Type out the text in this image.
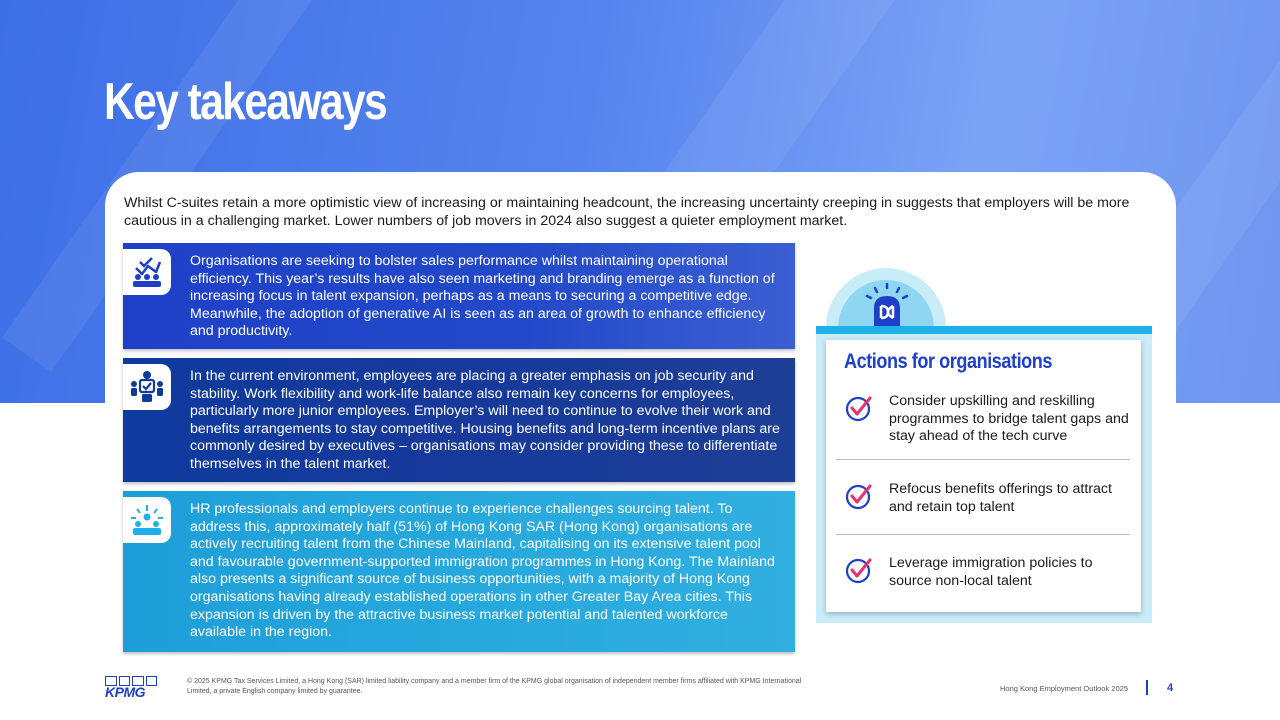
Key takeaways

Whilst C-suites retain a more optimistic view of increasing or maintaining headcount, the increasing uncertainty creeping in suggests that employers will be more cautious in a challenging market. Lower numbers of job movers in 2024 also suggest a quieter employment market.

Organisations are seeking to bolster sales performance whilst maintaining operational efficiency. This year’s results have also seen marketing and branding emerge as a function of increasing focus in talent expansion, perhaps as a means to securing a competitive edge. Meanwhile, the adoption of generative AI is seen as an area of growth to enhance efficiency and productivity.

In the current environment, employees are placing a greater emphasis on job security and stability. Work flexibility and work-life balance also remain key concerns for employees, particularly more junior employees. Employer’s will need to continue to evolve their work and benefits arrangements to stay competitive. Housing benefits and long-term incentive plans are commonly desired by executives – organisations may consider providing these to differentiate themselves in the talent market.

HR professionals and employers continue to experience challenges sourcing talent. To address this, approximately half (51%) of Hong Kong SAR (Hong Kong) organisations are actively recruiting talent from the Chinese Mainland, capitalising on its extensive talent pool and favourable government-supported immigration programmes in Hong Kong. The Mainland also presents a significant source of business opportunities, with a majority of Hong Kong organisations having already established operations in other Greater Bay Area cities. This expansion is driven by the attractive business market potential and talented workforce available in the region.

Actions for organisations

Consider upskilling and reskilling programmes to bridge talent gaps and stay ahead of the tech curve

Refocus benefits offerings to attract and retain top talent

Leverage immigration policies to source non-local talent

KPMG

© 2025 KPMG Tax Services Limited, a Hong Kong (SAR) limited liability company and a member firm of the KPMG global organisation of independent member firms affiliated with KPMG International Limited, a private English company limited by guarantee.	Hong Kong Employment Outlook 2025	4
